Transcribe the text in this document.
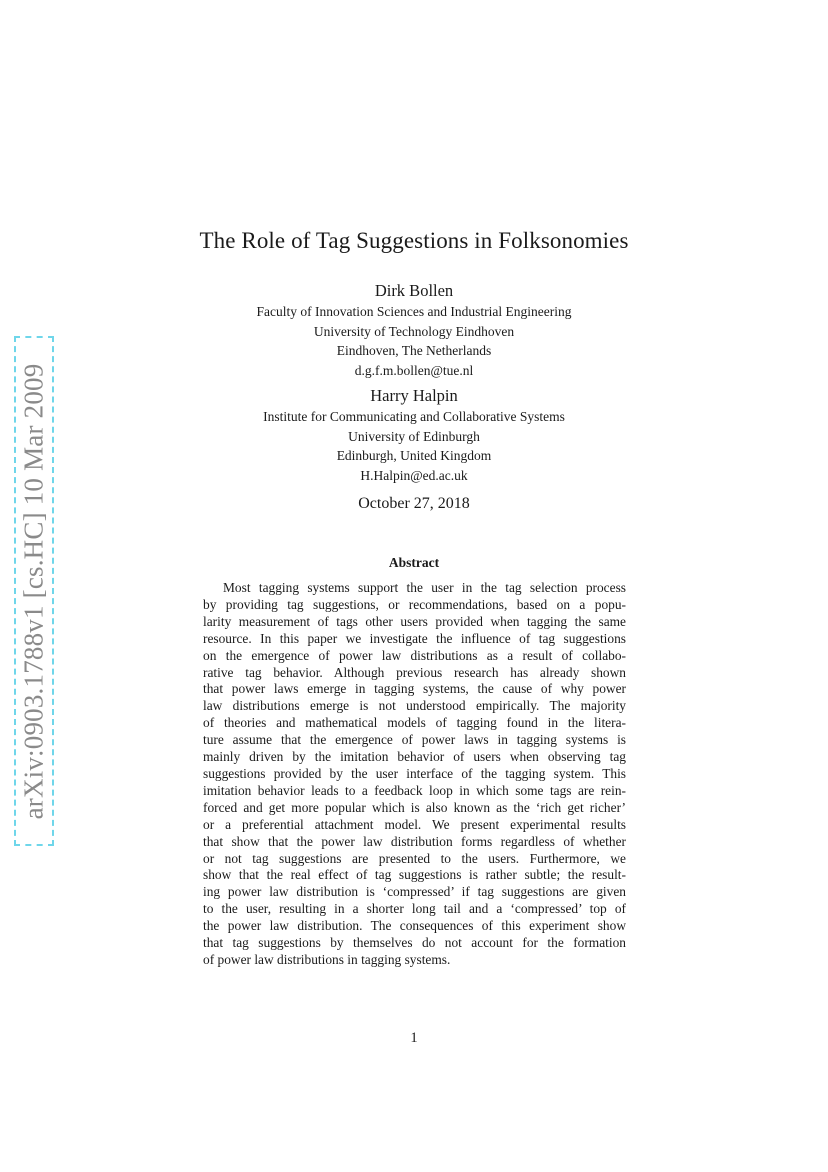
arXiv:0903.1788v1 [cs.HC] 10 Mar 2009
The Role of Tag Suggestions in Folksonomies
Dirk Bollen
Faculty of Innovation Sciences and Industrial Engineering
University of Technology Eindhoven
Eindhoven, The Netherlands
d.g.f.m.bollen@tue.nl
Harry Halpin
Institute for Communicating and Collaborative Systems
University of Edinburgh
Edinburgh, United Kingdom
H.Halpin@ed.ac.uk
October 27, 2018
Abstract
Most tagging systems support the user in the tag selection process
by providing tag suggestions, or recommendations, based on a popu-
larity measurement of tags other users provided when tagging the same
resource. In this paper we investigate the influence of tag suggestions
on the emergence of power law distributions as a result of collabo-
rative tag behavior. Although previous research has already shown
that power laws emerge in tagging systems, the cause of why power
law distributions emerge is not understood empirically. The majority
of theories and mathematical models of tagging found in the litera-
ture assume that the emergence of power laws in tagging systems is
mainly driven by the imitation behavior of users when observing tag
suggestions provided by the user interface of the tagging system. This
imitation behavior leads to a feedback loop in which some tags are rein-
forced and get more popular which is also known as the ‘rich get richer’
or a preferential attachment model. We present experimental results
that show that the power law distribution forms regardless of whether
or not tag suggestions are presented to the users. Furthermore, we
show that the real effect of tag suggestions is rather subtle; the result-
ing power law distribution is ‘compressed’ if tag suggestions are given
to the user, resulting in a shorter long tail and a ‘compressed’ top of
the power law distribution. The consequences of this experiment show
that tag suggestions by themselves do not account for the formation
of power law distributions in tagging systems.
1
